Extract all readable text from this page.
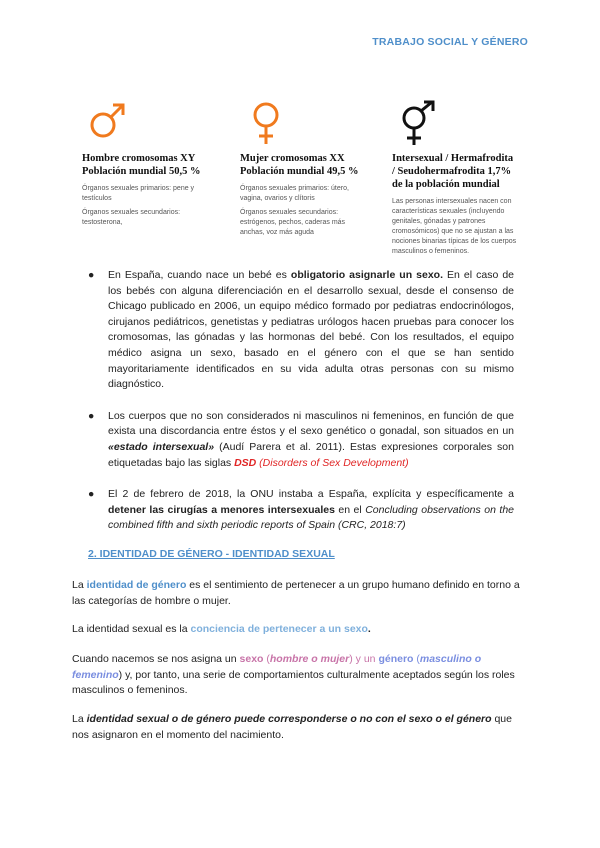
TRABAJO SOCIAL Y GÉNERO
Hombre cromosomas XY
Población mundial 50,5 %
Órganos sexuales primarios: pene y testículos
Órganos sexuales secundarios: testosterona,
Mujer cromosomas XX
Población mundial 49,5 %
Órganos sexuales primarios: útero, vagina, ovarios y clítoris
Órganos sexuales secundarios: estrógenos, pechos, caderas más anchas, voz más aguda
Intersexual / Hermafrodita
/ Seudohermafrodita 1,7%
de la población mundial
Las personas intersexuales nacen con características sexuales (incluyendo genitales, gónadas y patrones cromosómicos) que no se ajustan a las nociones binarias típicas de los cuerpos masculinos o femeninos.
● En España, cuando nace un bebé es obligatorio asignarle un sexo. En el caso de los bebés con alguna diferenciación en el desarrollo sexual, desde el consenso de Chicago publicado en 2006, un equipo médico formado por pediatras endocrinólogos, cirujanos pediátricos, genetistas y pediatras urólogos hacen pruebas para conocer los cromosomas, las gónadas y las hormonas del bebé. Con los resultados, el equipo médico asigna un sexo, basado en el género con el que se han sentido mayoritariamente identificados en su vida adulta otras personas con su mismo diagnóstico.
● Los cuerpos que no son considerados ni masculinos ni femeninos, en función de que exista una discordancia entre éstos y el sexo genético o gonadal, son situados en un «estado intersexual» (Audí Parera et al. 2011). Estas expresiones corporales son etiquetadas bajo las siglas DSD (Disorders of Sex Development)
● El 2 de febrero de 2018, la ONU instaba a España, explícita y específicamente a detener las cirugías a menores intersexuales en el Concluding observations on the combined fifth and sixth periodic reports of Spain (CRC, 2018:7)
2. IDENTIDAD DE GÉNERO - IDENTIDAD SEXUAL
La identidad de género es el sentimiento de pertenecer a un grupo humano definido en torno a las categorías de hombre o mujer.
La identidad sexual es la conciencia de pertenecer a un sexo.
Cuando nacemos se nos asigna un sexo (hombre o mujer) y un género (masculino o femenino) y, por tanto, una serie de comportamientos culturalmente aceptados según los roles masculinos o femeninos.
La identidad sexual o de género puede corresponderse o no con el sexo o el género que nos asignaron en el momento del nacimiento.
